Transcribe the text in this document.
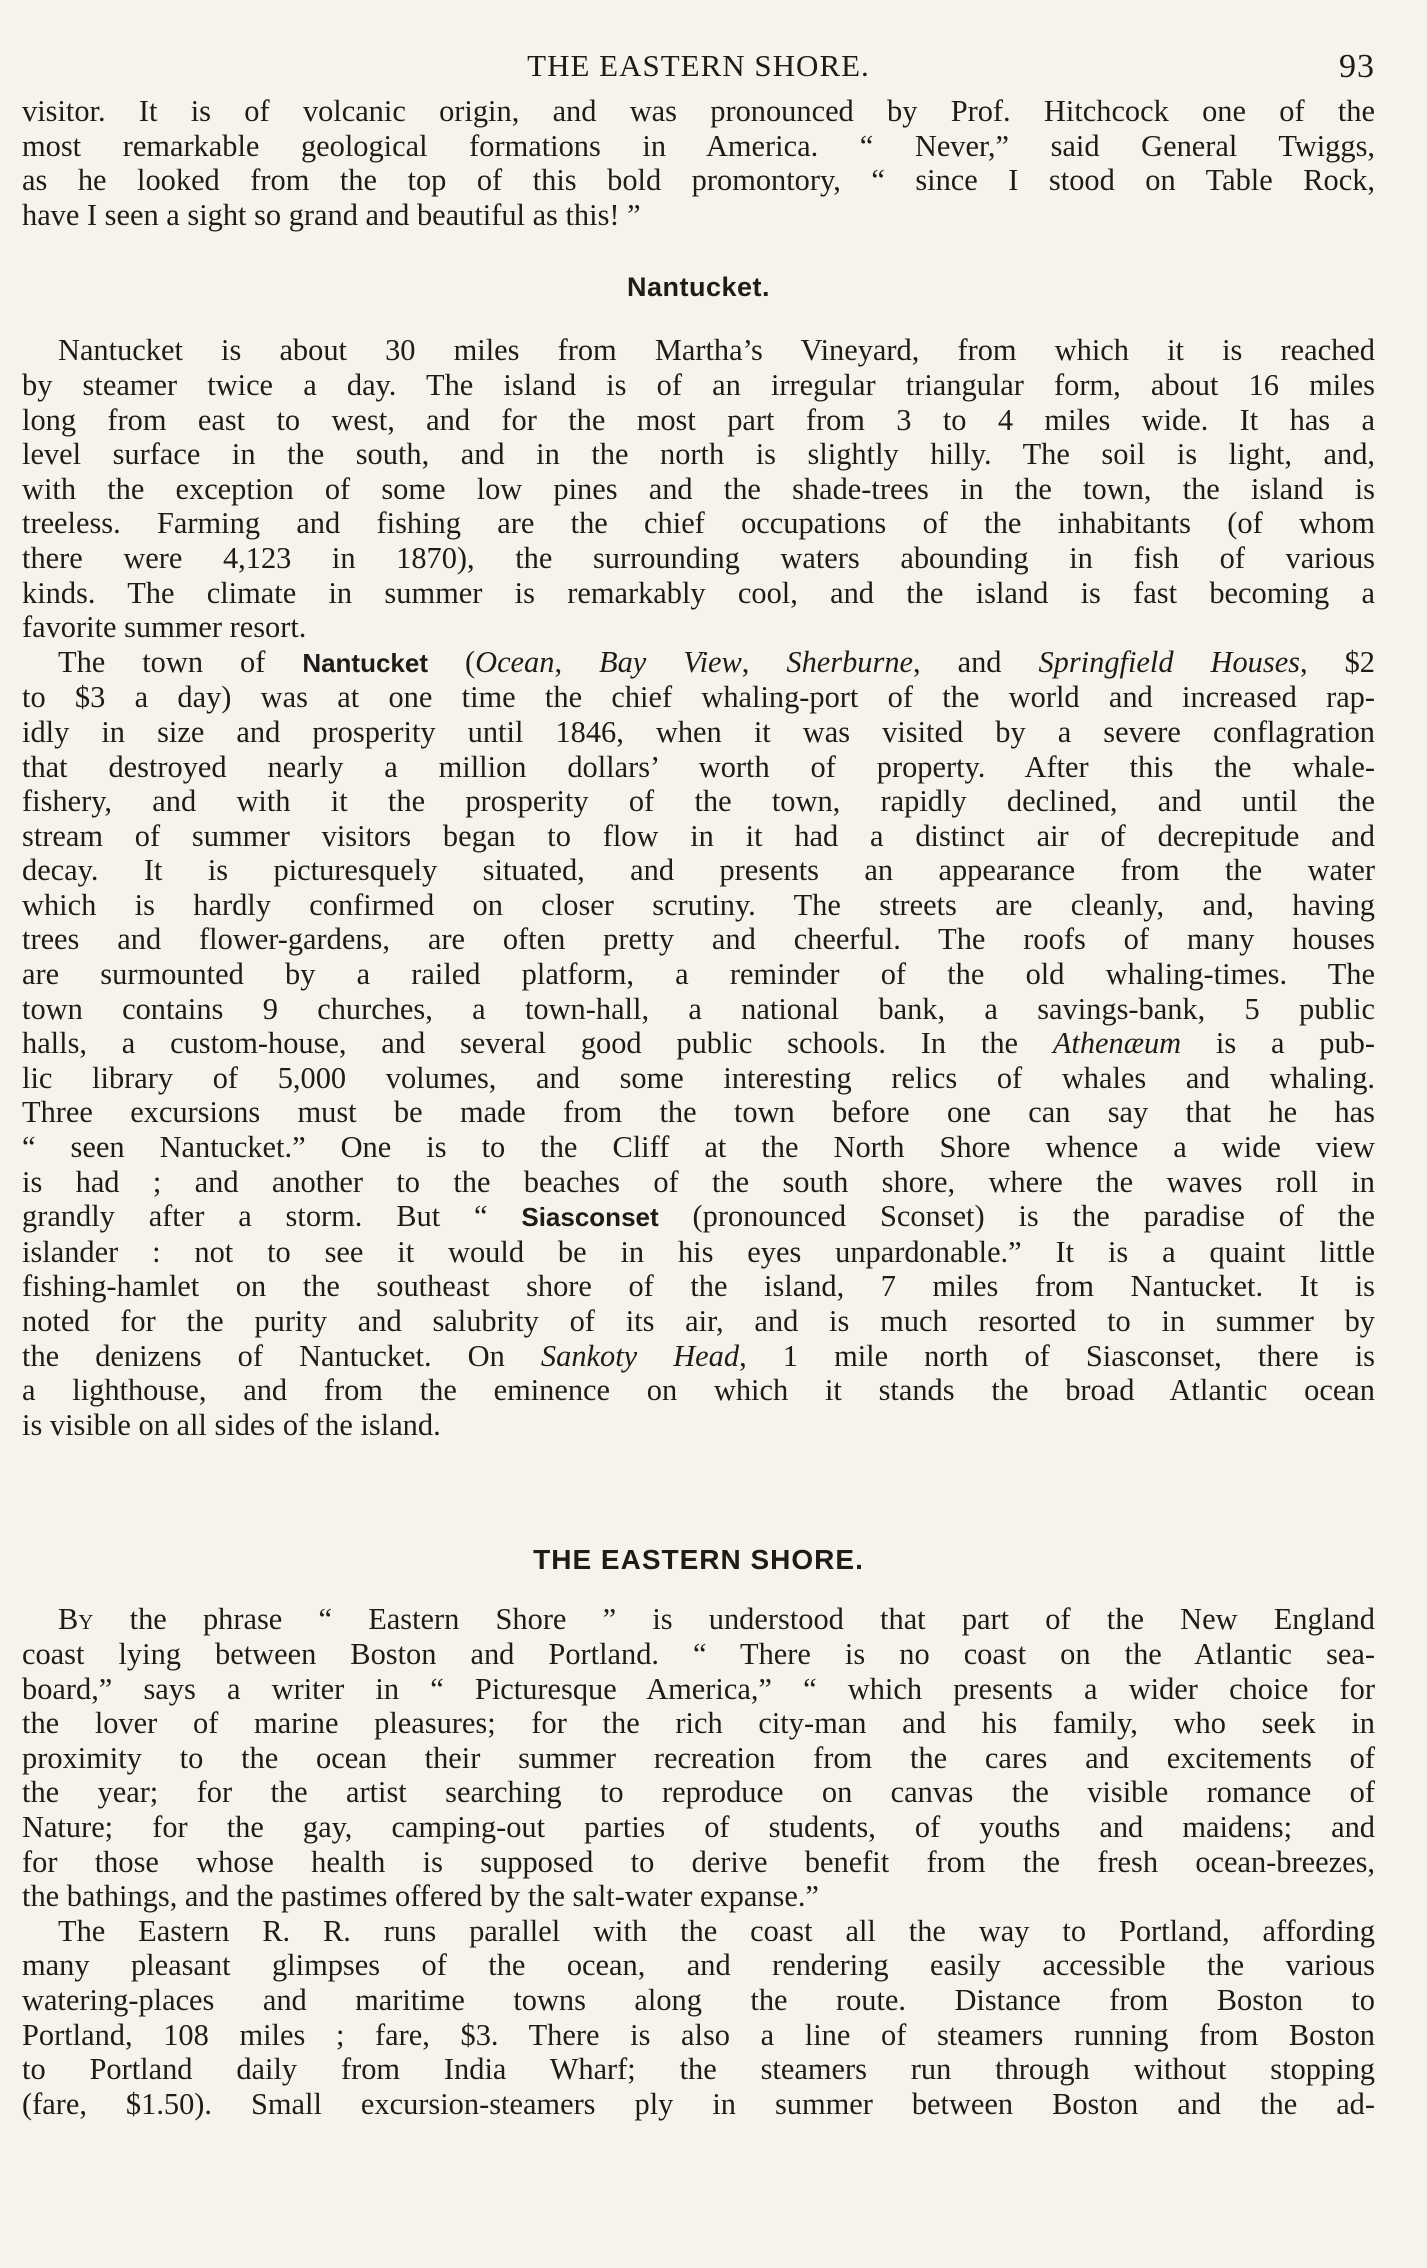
THE EASTERN SHORE.	93
visitor. It is of volcanic origin, and was pronounced by Prof. Hitchcock one of the
most remarkable geological formations in America. “ Never,” said General Twiggs,
as he looked from the top of this bold promontory, “ since I stood on Table Rock,
have I seen a sight so grand and beautiful as this! ”
Nantucket.
Nantucket is about 30 miles from Martha’s Vineyard, from which it is reached
by steamer twice a day. The island is of an irregular triangular form, about 16 miles
long from east to west, and for the most part from 3 to 4 miles wide. It has a
level surface in the south, and in the north is slightly hilly. The soil is light, and,
with the exception of some low pines and the shade-trees in the town, the island is
treeless. Farming and fishing are the chief occupations of the inhabitants (of whom
there were 4,123 in 1870), the surrounding waters abounding in fish of various
kinds. The climate in summer is remarkably cool, and the island is fast becoming a
favorite summer resort.
The town of Nantucket (Ocean, Bay View, Sherburne, and Springfield Houses, $2
to $3 a day) was at one time the chief whaling-port of the world and increased rap-
idly in size and prosperity until 1846, when it was visited by a severe conflagration
that destroyed nearly a million dollars’ worth of property. After this the whale-
fishery, and with it the prosperity of the town, rapidly declined, and until the
stream of summer visitors began to flow in it had a distinct air of decrepitude and
decay. It is picturesquely situated, and presents an appearance from the water
which is hardly confirmed on closer scrutiny. The streets are cleanly, and, having
trees and flower-gardens, are often pretty and cheerful. The roofs of many houses
are surmounted by a railed platform, a reminder of the old whaling-times. The
town contains 9 churches, a town-hall, a national bank, a savings-bank, 5 public
halls, a custom-house, and several good public schools. In the Athenæum is a pub-
lic library of 5,000 volumes, and some interesting relics of whales and whaling.
Three excursions must be made from the town before one can say that he has
“ seen Nantucket.” One is to the Cliff at the North Shore whence a wide view
is had ; and another to the beaches of the south shore, where the waves roll in
grandly after a storm. But “ Siasconset (pronounced Sconset) is the paradise of the
islander : not to see it would be in his eyes unpardonable.” It is a quaint little
fishing-hamlet on the southeast shore of the island, 7 miles from Nantucket. It is
noted for the purity and salubrity of its air, and is much resorted to in summer by
the denizens of Nantucket. On Sankoty Head, 1 mile north of Siasconset, there is
a lighthouse, and from the eminence on which it stands the broad Atlantic ocean
is visible on all sides of the island.
THE EASTERN SHORE.
By the phrase “ Eastern Shore ” is understood that part of the New England
coast lying between Boston and Portland. “ There is no coast on the Atlantic sea-
board,” says a writer in “ Picturesque America,” “ which presents a wider choice for
the lover of marine pleasures; for the rich city-man and his family, who seek in
proximity to the ocean their summer recreation from the cares and excitements of
the year; for the artist searching to reproduce on canvas the visible romance of
Nature; for the gay, camping-out parties of students, of youths and maidens; and
for those whose health is supposed to derive benefit from the fresh ocean-breezes,
the bathings, and the pastimes offered by the salt-water expanse.”
The Eastern R. R. runs parallel with the coast all the way to Portland, affording
many pleasant glimpses of the ocean, and rendering easily accessible the various
watering-places and maritime towns along the route. Distance from Boston to
Portland, 108 miles ; fare, $3. There is also a line of steamers running from Boston
to Portland daily from India Wharf; the steamers run through without stopping
(fare, $1.50). Small excursion-steamers ply in summer between Boston and the ad-
